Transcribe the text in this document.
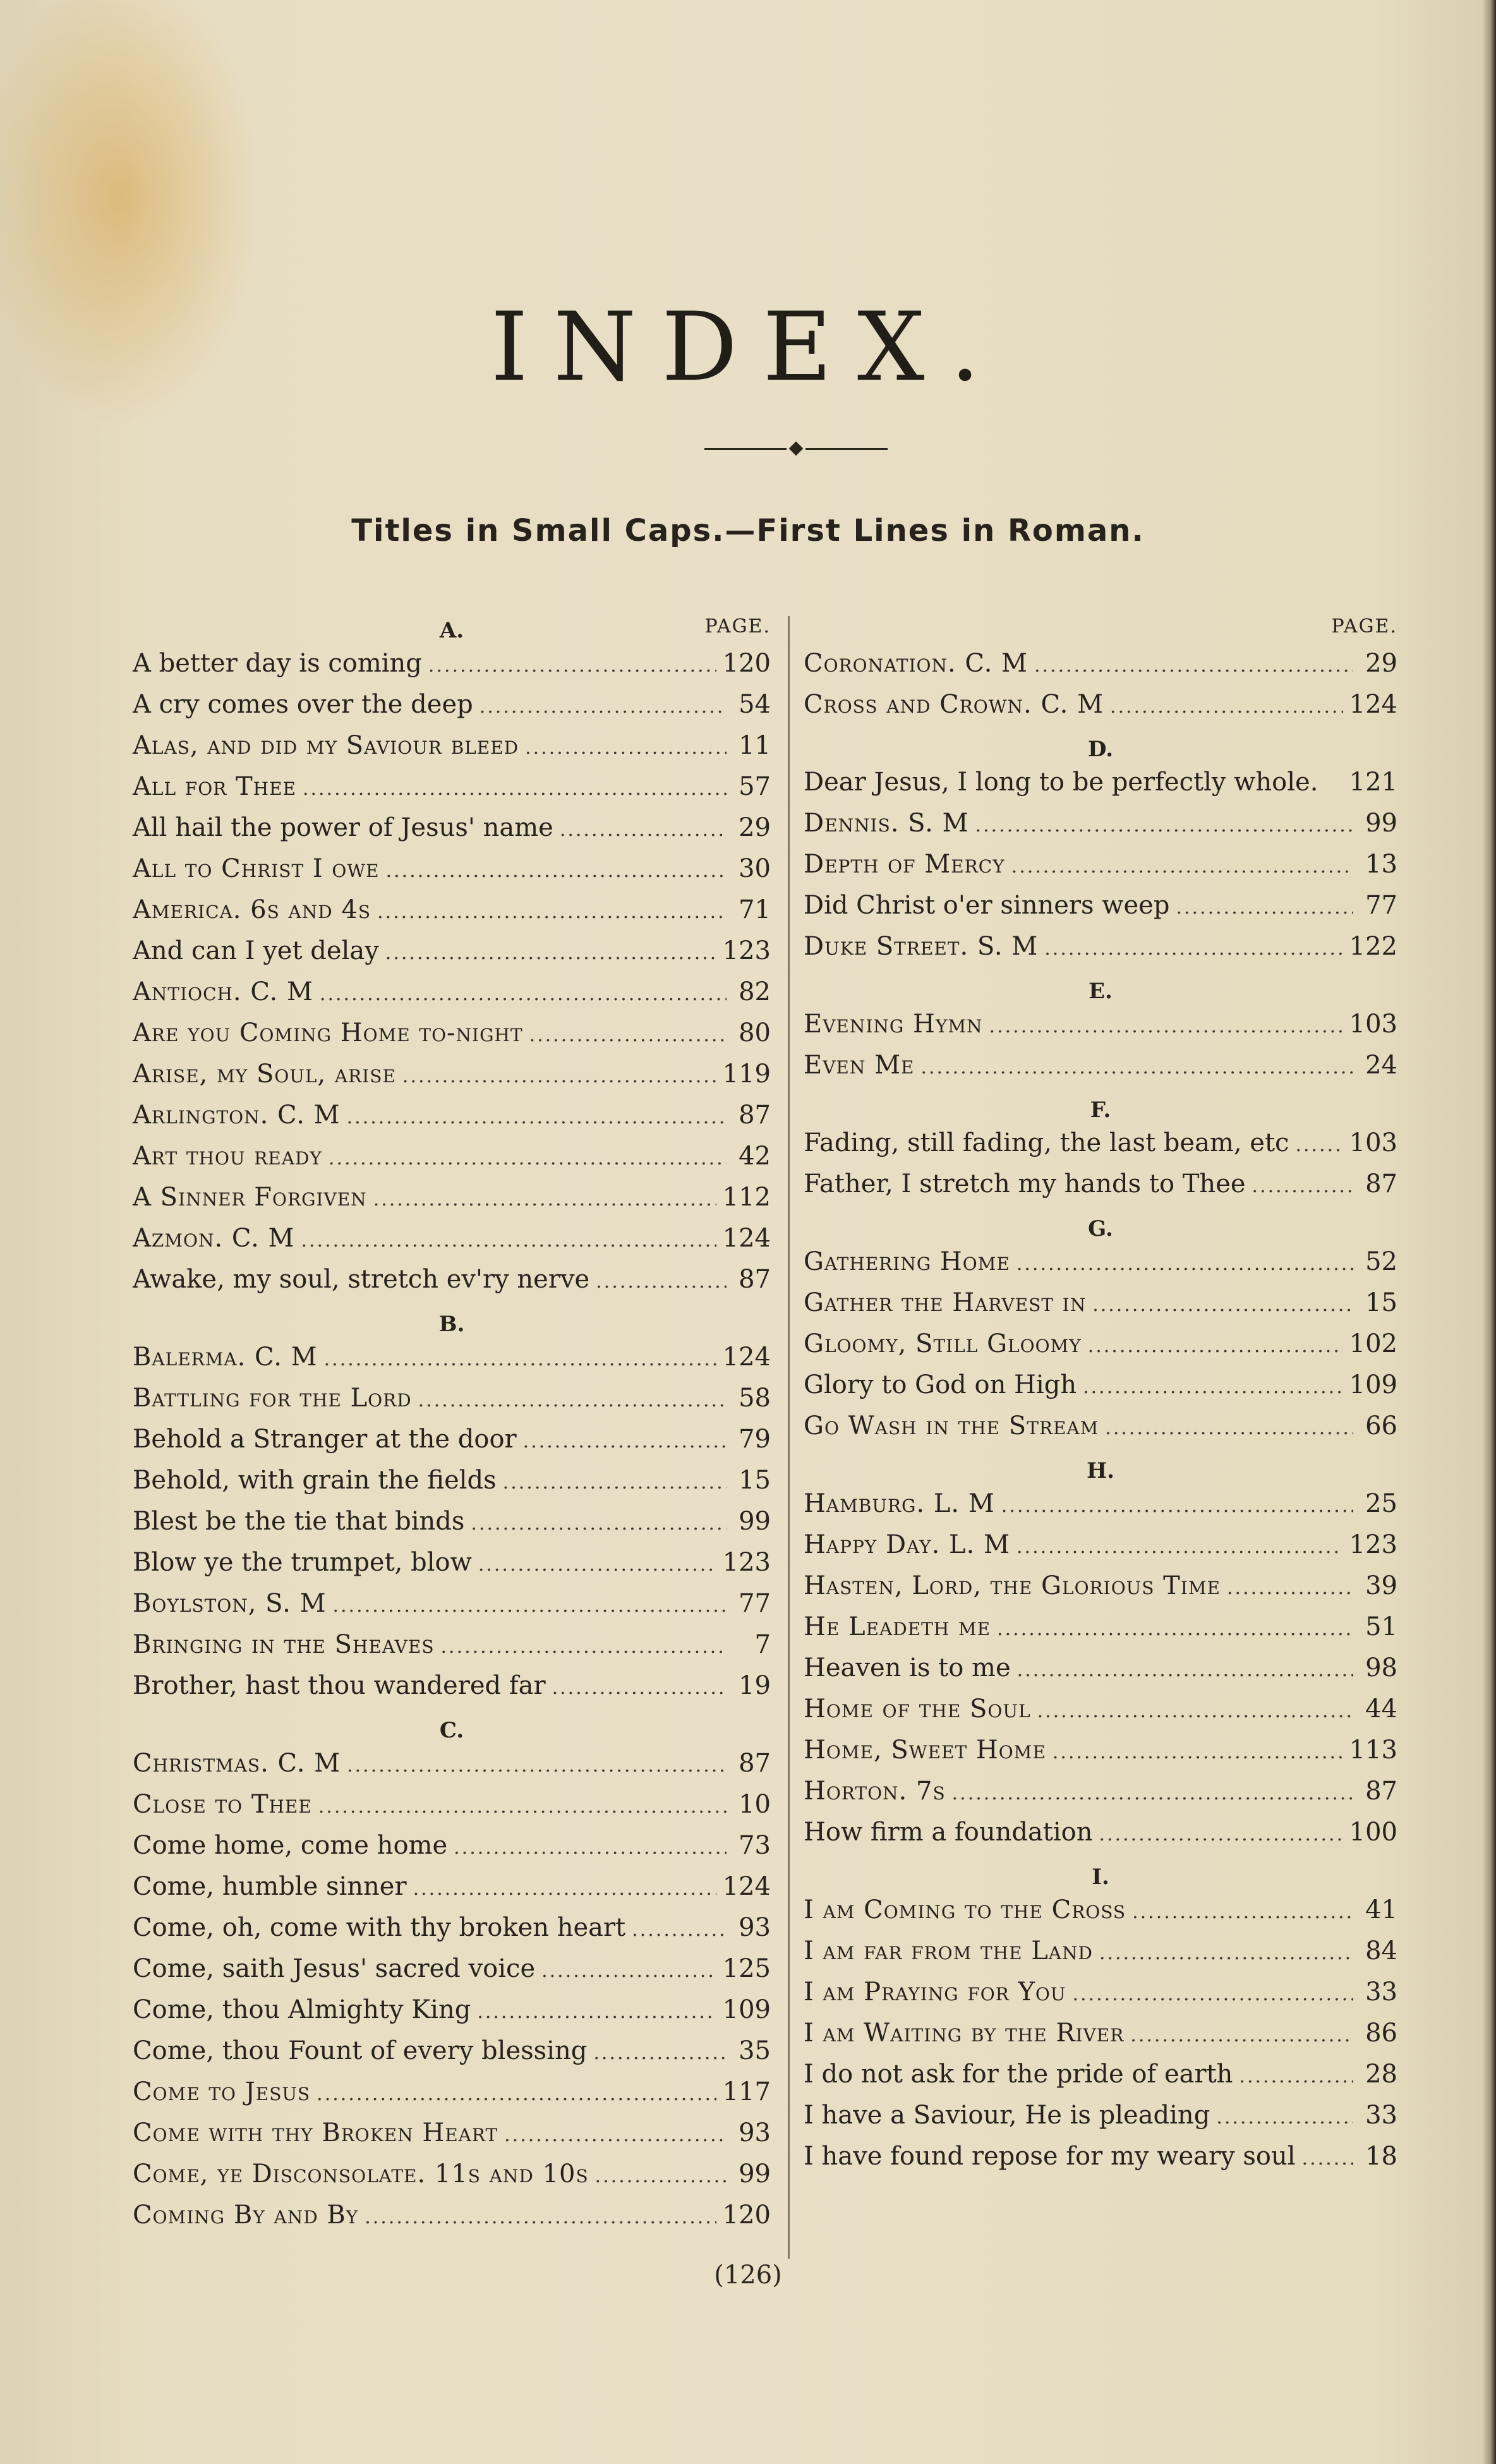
INDEX.
Titles in Small Caps.—First Lines in Roman.
A.	PAGE.
A better day is coming .....	120
A cry comes over the deep .....	54
Alas, and did my Saviour bleed .....	11
All for Thee .....	57
All hail the power of Jesus' name .....	29
All to Christ I owe .....	30
America. 6s and 4s .....	71
And can I yet delay .....	123
Antioch. C. M .....	82
Are you Coming Home to-night .....	80
Arise, my Soul, arise .....	119
Arlington. C. M .....	87
Art thou ready .....	42
A Sinner Forgiven .....	112
Azmon. C. M .....	124
Awake, my soul, stretch ev'ry nerve .....	87
B.
Balerma. C. M .....	124
Battling for the Lord .....	58
Behold a Stranger at the door .....	79
Behold, with grain the fields .....	15
Blest be the tie that binds .....	99
Blow ye the trumpet, blow .....	123
Boylston, S. M .....	77
Bringing in the Sheaves .....	7
Brother, hast thou wandered far .....	19
C.
Christmas. C. M .....	87
Close to Thee .....	10
Come home, come home .....	73
Come, humble sinner .....	124
Come, oh, come with thy broken heart .....	93
Come, saith Jesus' sacred voice .....	125
Come, thou Almighty King .....	109
Come, thou Fount of every blessing .....	35
Come to Jesus .....	117
Come with thy Broken Heart .....	93
Come, ye Disconsolate. 11s and 10s .....	99
Coming By and By .....	120
PAGE.
Coronation. C. M .....	29
Cross and Crown. C. M .....	124
D.
Dear Jesus, I long to be perfectly whole. 121
Dennis. S. M .....	99
Depth of Mercy .....	13
Did Christ o'er sinners weep .....	77
Duke Street. S. M .....	122
E.
Evening Hymn .....	103
Even Me .....	24
F.
Fading, still fading, the last beam, etc ..... 103
Father, I stretch my hands to Thee .....	87
G.
Gathering Home .....	52
Gather the Harvest in .....	15
Gloomy, Still Gloomy .....	102
Glory to God on High .....	109
Go Wash in the Stream .....	66
H.
Hamburg. L. M .....	25
Happy Day. L. M .....	123
Hasten, Lord, the Glorious Time .....	39
He Leadeth me .....	51
Heaven is to me .....	98
Home of the Soul .....	44
Home, Sweet Home .....	113
Horton. 7s .....	87
How firm a foundation .....	100
I.
I am Coming to the Cross .....	41
I am far from the Land .....	84
I am Praying for You .....	33
I am Waiting by the River .....	86
I do not ask for the pride of earth .....	28
I have a Saviour, He is pleading .....	33
I have found repose for my weary soul .....	18
(126)
